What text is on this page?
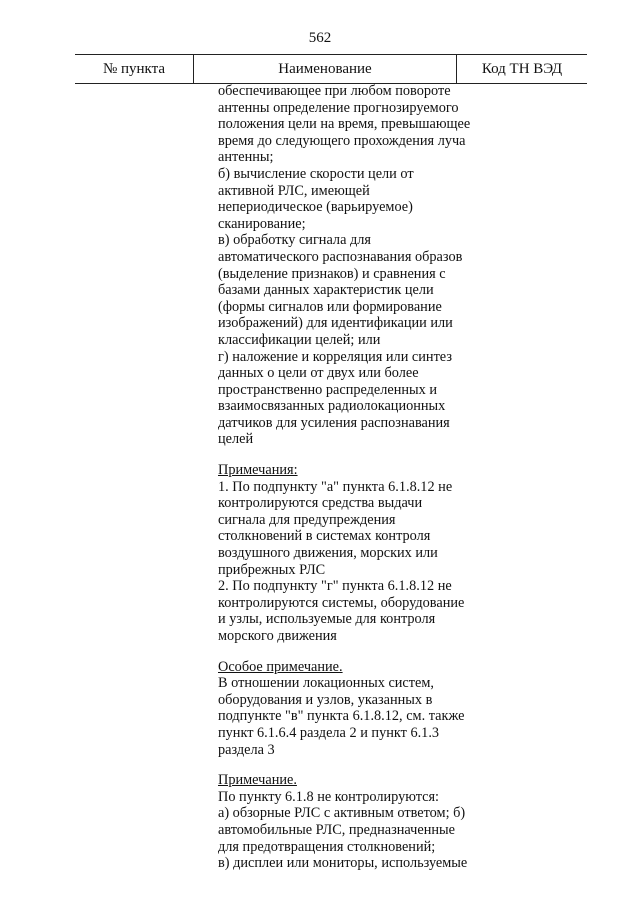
562
№ пункта	Наименование	Код ТН ВЭД
обеспечивающее при любом повороте
антенны определение прогнозируемого
положения цели на время, превышающее
время до следующего прохождения луча
антенны;
б) вычисление скорости цели от
активной РЛС, имеющей
непериодическое (варьируемое)
сканирование;
в) обработку сигнала для
автоматического распознавания образов
(выделение признаков) и сравнения с
базами данных характеристик цели
(формы сигналов или формирование
изображений) для идентификации или
классификации целей; или
г) наложение и корреляция или синтез
данных о цели от двух или более
пространственно распределенных и
взаимосвязанных радиолокационных
датчиков для усиления распознавания
целей
Примечания:
1. По подпункту "а" пункта 6.1.8.12 не
контролируются средства выдачи
сигнала для предупреждения
столкновений в системах контроля
воздушного движения, морских или
прибрежных РЛС
2. По подпункту "г" пункта 6.1.8.12 не
контролируются системы, оборудование
и узлы, используемые для контроля
морского движения
Особое примечание.
В отношении локационных систем,
оборудования и узлов, указанных в
подпункте "в" пункта 6.1.8.12, см. также
пункт 6.1.6.4 раздела 2 и пункт 6.1.3
раздела 3
Примечание.
По пункту 6.1.8 не контролируются:
а) обзорные РЛС с активным ответом; б)
автомобильные РЛС, предназначенные
для предотвращения столкновений;
в) дисплеи или мониторы, используемые
